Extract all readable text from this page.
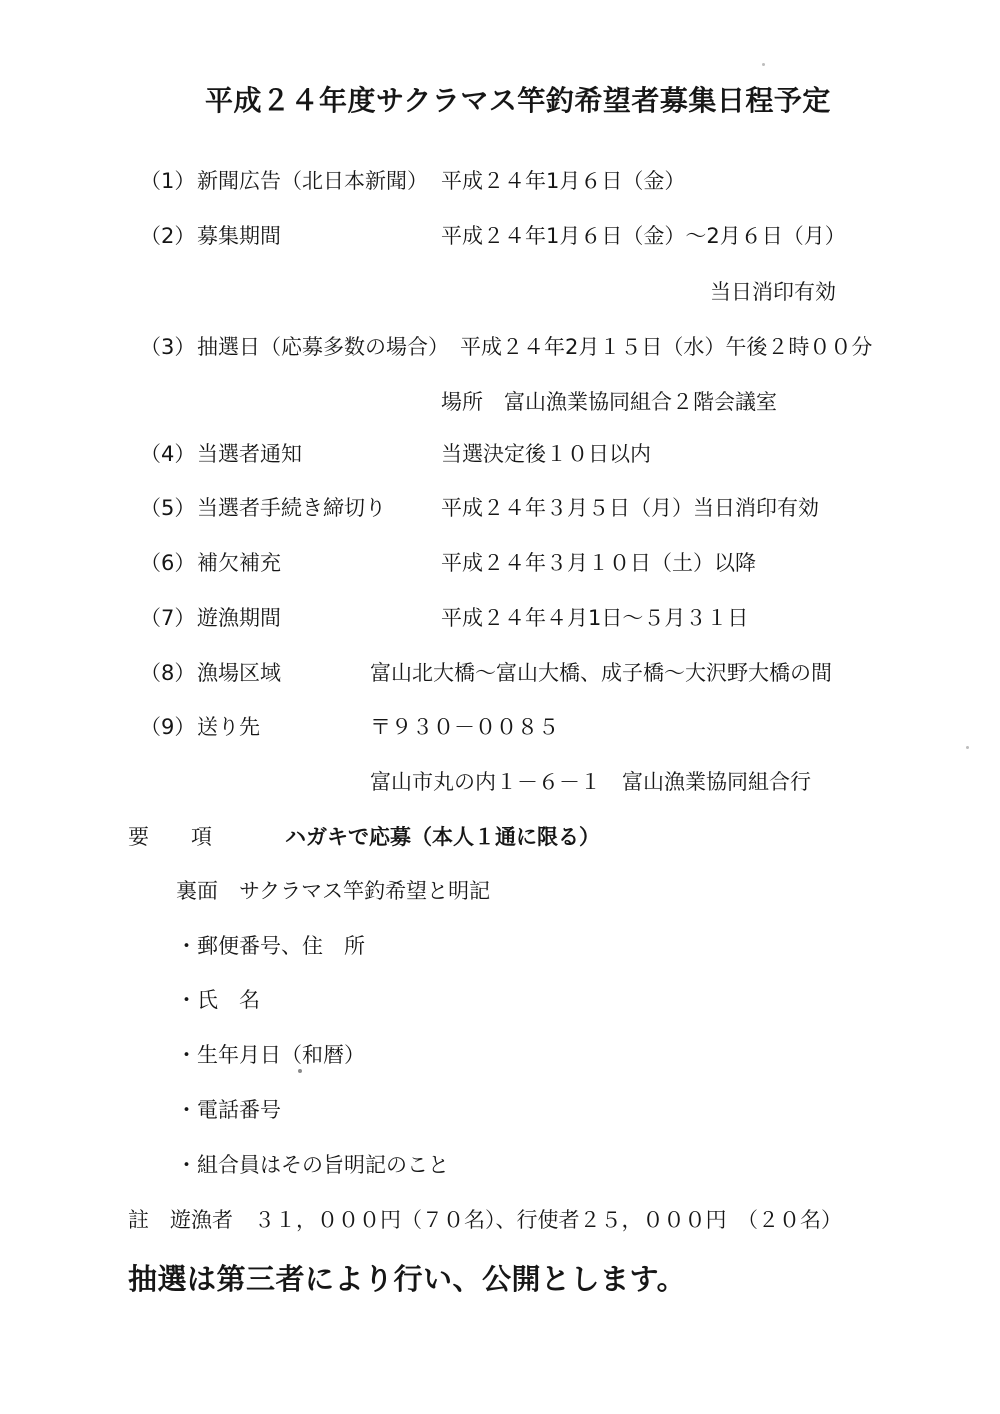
平成２４年度サクラマス竿釣希望者募集日程予定
（1） 新聞広告（北日本新聞） 平成２４年1月６日（金）
（2） 募集期間	平成２４年1月６日（金）～2月６日（月）
当日消印有効
（3） 抽選日（応募多数の場合） 平成２４年2月１５日（水）午後２時００分
場所　富山漁業協同組合２階会議室
（4） 当選者通知	当選決定後１０日以内
（5） 当選者手続き締切り	平成２４年３月５日（月）当日消印有効
（6） 補欠補充	平成２４年３月１０日（土）以降
（7） 遊漁期間	平成２４年４月1日～５月３１日
（8） 漁場区域	富山北大橋～富山大橋、成子橋～大沢野大橋の間
（9） 送り先	〒９３０－００８５
富山市丸の内１－６－１　富山漁業協同組合行
要　　項	ハガキで応募（本人１通に限る）
裏面　サクラマス竿釣希望と明記
・郵便番号、住　所
・氏　名
・生年月日（和暦）
・電話番号
・組合員はその旨明記のこと
註　遊漁者　３１，０００円（７０名）、行使者２５，０００円　（２０名）
抽選は第三者により行い、公開とします。
